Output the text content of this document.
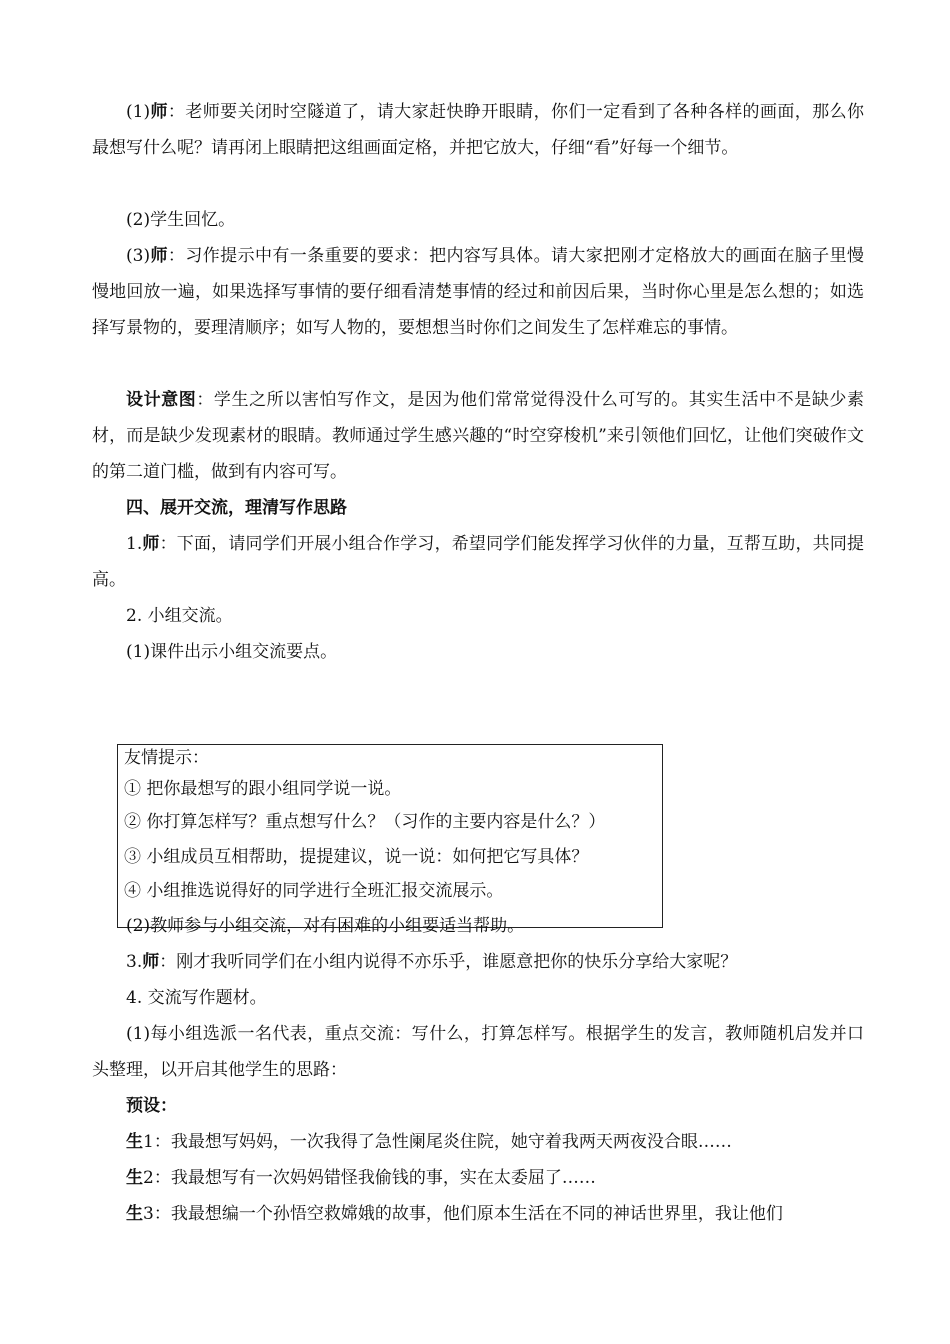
(1)师：老师要关闭时空隧道了，请大家赶快睁开眼睛，你们一定看到了各种各样的画面，那么你最想写什么呢？请再闭上眼睛把这组画面定格，并把它放大，仔细“看”好每一个细节。

(2)学生回忆。

(3)师：习作提示中有一条重要的要求：把内容写具体。请大家把刚才定格放大的画面在脑子里慢慢地回放一遍，如果选择写事情的要仔细看清楚事情的经过和前因后果，当时你心里是怎么想的；如选择写景物的，要理清顺序；如写人物的，要想想当时你们之间发生了怎样难忘的事情。

设计意图：学生之所以害怕写作文，是因为他们常常觉得没什么可写的。其实生活中不是缺少素材，而是缺少发现素材的眼睛。教师通过学生感兴趣的“时空穿梭机”来引领他们回忆，让他们突破作文的第二道门槛，做到有内容可写。

四、展开交流，理清写作思路

1.师：下面，请同学们开展小组合作学习，希望同学们能发挥学习伙伴的力量，互帮互助，共同提高。

2. 小组交流。

(1)课件出示小组交流要点。

友情提示：

① 把你最想写的跟小组同学说一说。

② 你打算怎样写？重点想写什么？（习作的主要内容是什么？）

③ 小组成员互相帮助，提提建议，说一说：如何把它写具体？

④ 小组推选说得好的同学进行全班汇报交流展示。

(2)教师参与小组交流，对有困难的小组要适当帮助。

3.师：刚才我听同学们在小组内说得不亦乐乎，谁愿意把你的快乐分享给大家呢？

4. 交流写作题材。

(1)每小组选派一名代表，重点交流：写什么，打算怎样写。根据学生的发言，教师随机启发并口头整理，以开启其他学生的思路：

预设：

生1：我最想写妈妈，一次我得了急性阑尾炎住院，她守着我两天两夜没合眼……

生2：我最想写有一次妈妈错怪我偷钱的事，实在太委屈了……

生3：我最想编一个孙悟空救嫦娥的故事，他们原本生活在不同的神话世界里，我让他们
